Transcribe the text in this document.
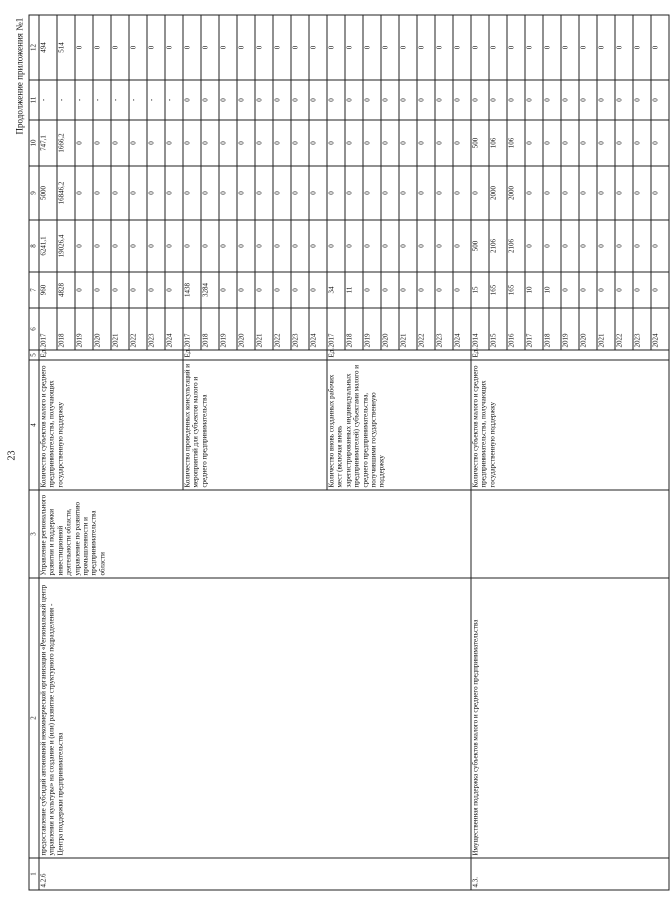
23
Продолжение приложения №1
1	2	3	4	5	6	7	8	9	10	11	12
4.2.6	предоставление субсидий автономной некоммерческой организации «Региональный центр управления и культуры» на создание и (или) развитие структурного подразделения - Центра поддержки предпринимательства	Управление регионального развития и поддержки инвестиционной деятельности области, управление по развитию промышленности и предпринимательства области	Количество субъектов малого и среднего предпринимательства, получающих государственную поддержку	Ед.	2017	960	6241,1	5000	747,1	-	494
					2018	4828	19026,4	16846,2	1666,2	-	514
					2019	0	0	0	0	-	0
					2020	0	0	0	0	-	0
					2021	0	0	0	0	-	0
					2022	0	0	0	0	-	0
					2023	0	0	0	0	-	0
					2024	0	0	0	0	-	0
			Количество проведенных консультаций и мероприятий для субъектов малого и среднего предпринимательства	Ед.	2017	1438	0	0	0	0	0
					2018	3284	0	0	0	0	0
					2019	0	0	0	0	0	0
					2020	0	0	0	0	0	0
					2021	0	0	0	0	0	0
					2022	0	0	0	0	0	0
					2023	0	0	0	0	0	0
					2024	0	0	0	0	0	0
			Количество вновь созданных рабочих мест (включая вновь зарегистрированных индивидуальных предпринимателей) субъектами малого и среднего предпринимательства, получившими государственную поддержку	Ед.	2017	34	0	0	0	0	0
					2018	11	0	0	0	0	0
					2019	0	0	0	0	0	0
					2020	0	0	0	0	0	0
					2021	0	0	0	0	0	0
					2022	0	0	0	0	0	0
					2023	0	0	0	0	0	0
					2024	0	0	0	0	0	0
4.3.	Имущественная поддержка субъектов малого и среднего предпринимательства		Количество субъектов малого и среднего предпринимательства, получающих государственную поддержку	Ед.	2014	15	500	0	500	0	0
					2015	165	2106	2000	106	0	0
					2016	165	2106	2000	106	0	0
					2017	10	0	0	0	0	0
					2018	10	0	0	0	0	0
					2019	0	0	0	0	0	0
					2020	0	0	0	0	0	0
					2021	0	0	0	0	0	0
					2022	0	0	0	0	0	0
					2023	0	0	0	0	0	0
					2024	0	0	0	0	0	0
